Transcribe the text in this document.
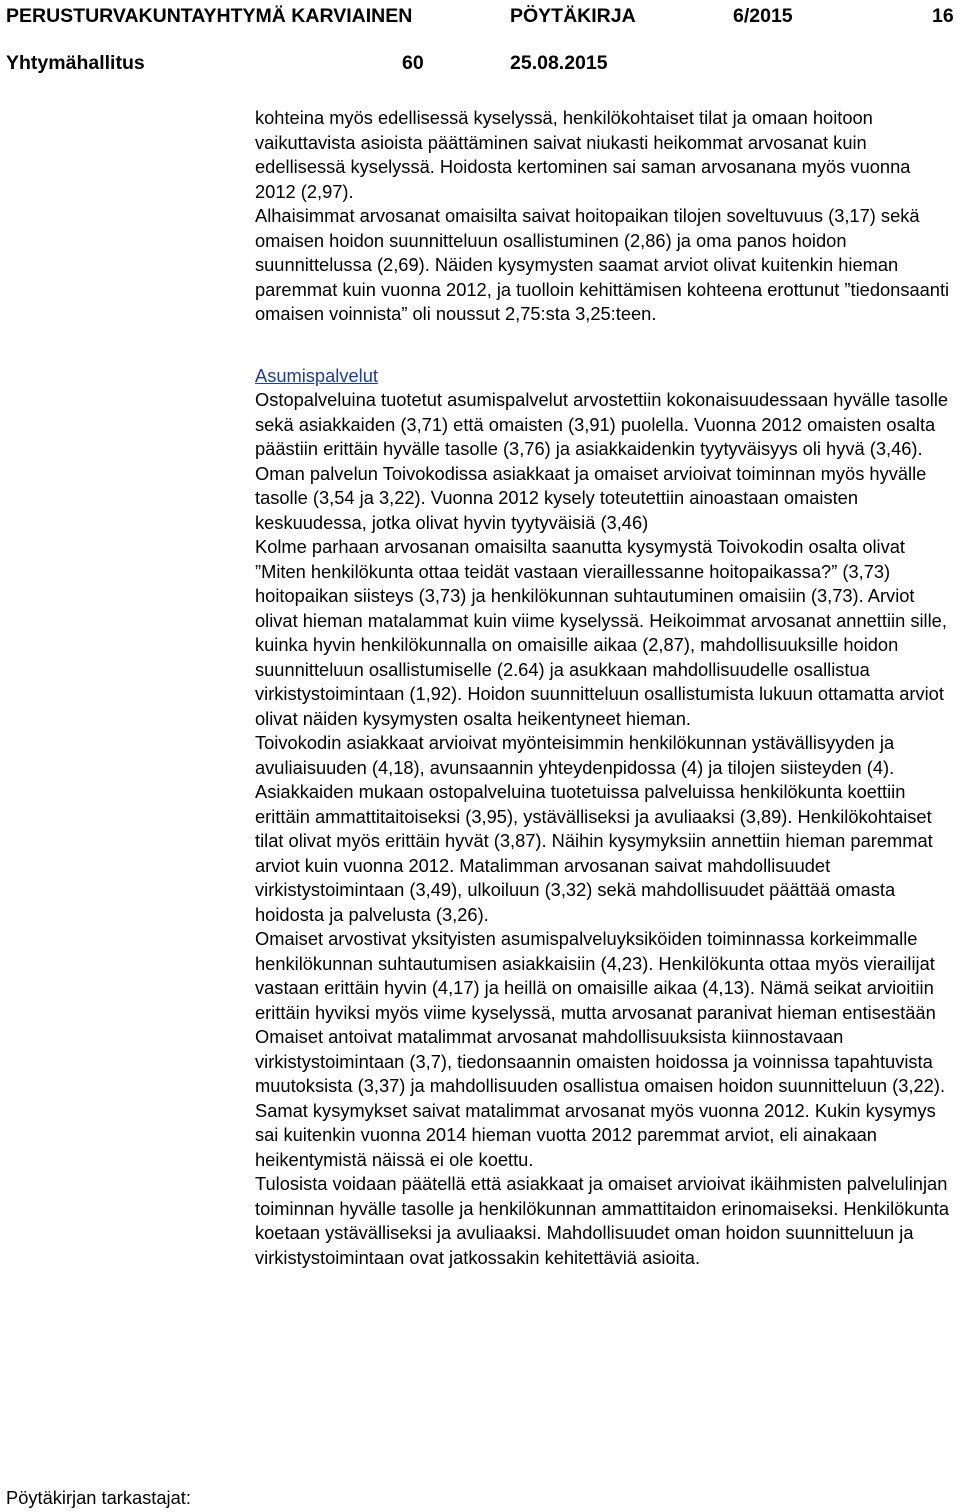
PERUSTURVAKUNTAYHTYMÄ KARVIAINEN	PÖYTÄKIRJA	6/2015	16
Yhtymähallitus	60	25.08.2015

kohteina myös edellisessä kyselyssä, henkilökohtaiset tilat ja omaan hoitoon vaikuttavista asioista päättäminen saivat niukasti heikommat arvosanat kuin edellisessä kyselyssä. Hoidosta kertominen sai saman arvosanana myös vuonna 2012 (2,97).

Alhaisimmat arvosanat omaisilta saivat hoitopaikan tilojen soveltuvuus (3,17) sekä omaisen hoidon suunnitteluun osallistuminen (2,86) ja oma panos hoidon suunnittelussa (2,69). Näiden kysymysten saamat arviot olivat kuitenkin hieman paremmat kuin vuonna 2012, ja tuolloin kehittämisen kohteena erottunut ”tiedonsaanti omaisen voinnista” oli noussut 2,75:sta 3,25:teen.

Asumispalvelut

Ostopalveluina tuotetut asumispalvelut arvostettiin kokonaisuudessaan hyvälle tasolle sekä asiakkaiden (3,71) että omaisten (3,91) puolella. Vuonna 2012 omaisten osalta päästiin erittäin hyvälle tasolle (3,76) ja asiakkaidenkin tyytyväisyys oli hyvä (3,46). Oman palvelun Toivokodissa asiakkaat ja omaiset arvioivat toiminnan myös hyvälle tasolle (3,54 ja 3,22). Vuonna 2012 kysely toteutettiin ainoastaan omaisten keskuudessa, jotka olivat hyvin tyytyväisiä (3,46)

Kolme parhaan arvosanan omaisilta saanutta kysymystä Toivokodin osalta olivat ”Miten henkilökunta ottaa teidät vastaan vieraillessanne hoitopaikassa?” (3,73) hoitopaikan siisteys (3,73) ja henkilökunnan suhtautuminen omaisiin (3,73). Arviot olivat hieman matalammat kuin viime kyselyssä. Heikoimmat arvosanat annettiin sille, kuinka hyvin henkilökunnalla on omaisille aikaa (2,87), mahdollisuuksille hoidon suunnitteluun osallistumiselle (2.64) ja asukkaan mahdollisuudelle osallistua virkistystoimintaan (1,92). Hoidon suunnitteluun osallistumista lukuun ottamatta arviot olivat näiden kysymysten osalta heikentyneet hieman.

Toivokodin asiakkaat arvioivat myönteisimmin henkilökunnan ystävällisyyden ja avuliaisuuden (4,18), avunsaannin yhteydenpidossa (4) ja tilojen siisteyden (4).

Asiakkaiden mukaan ostopalveluina tuotetuissa palveluissa henkilökunta koettiin erittäin ammattitaitoiseksi (3,95), ystävälliseksi ja avuliaaksi (3,89). Henkilökohtaiset tilat olivat myös erittäin hyvät (3,87). Näihin kysymyksiin annettiin hieman paremmat arviot kuin vuonna 2012. Matalimman arvosanan saivat mahdollisuudet virkistystoimintaan (3,49), ulkoiluun (3,32) sekä mahdollisuudet päättää omasta hoidosta ja palvelusta (3,26).

Omaiset arvostivat yksityisten asumispalveluyksiköiden toiminnassa korkeimmalle henkilökunnan suhtautumisen asiakkaisiin (4,23). Henkilökunta ottaa myös vierailijat vastaan erittäin hyvin (4,17) ja heillä on omaisille aikaa (4,13). Nämä seikat arvioitiin erittäin hyviksi myös viime kyselyssä, mutta arvosanat paranivat hieman entisestään

Omaiset antoivat matalimmat arvosanat mahdollisuuksista kiinnostavaan virkistystoimintaan (3,7), tiedonsaannin omaisten hoidossa ja voinnissa tapahtuvista muutoksista (3,37) ja mahdollisuuden osallistua omaisen hoidon suunnitteluun (3,22). Samat kysymykset saivat matalimmat arvosanat myös vuonna 2012. Kukin kysymys sai kuitenkin vuonna 2014 hieman vuotta 2012 paremmat arviot, eli ainakaan heikentymistä näissä ei ole koettu.

Tulosista voidaan päätellä että asiakkaat ja omaiset arvioivat ikäihmisten palvelulinjan toiminnan hyvälle tasolle ja henkilökunnan ammattitaidon erinomaiseksi. Henkilökunta koetaan ystävälliseksi ja avuliaaksi. Mahdollisuudet oman hoidon suunnitteluun ja virkistystoimintaan ovat jatkossakin kehitettäviä asioita.

Pöytäkirjan tarkastajat:
